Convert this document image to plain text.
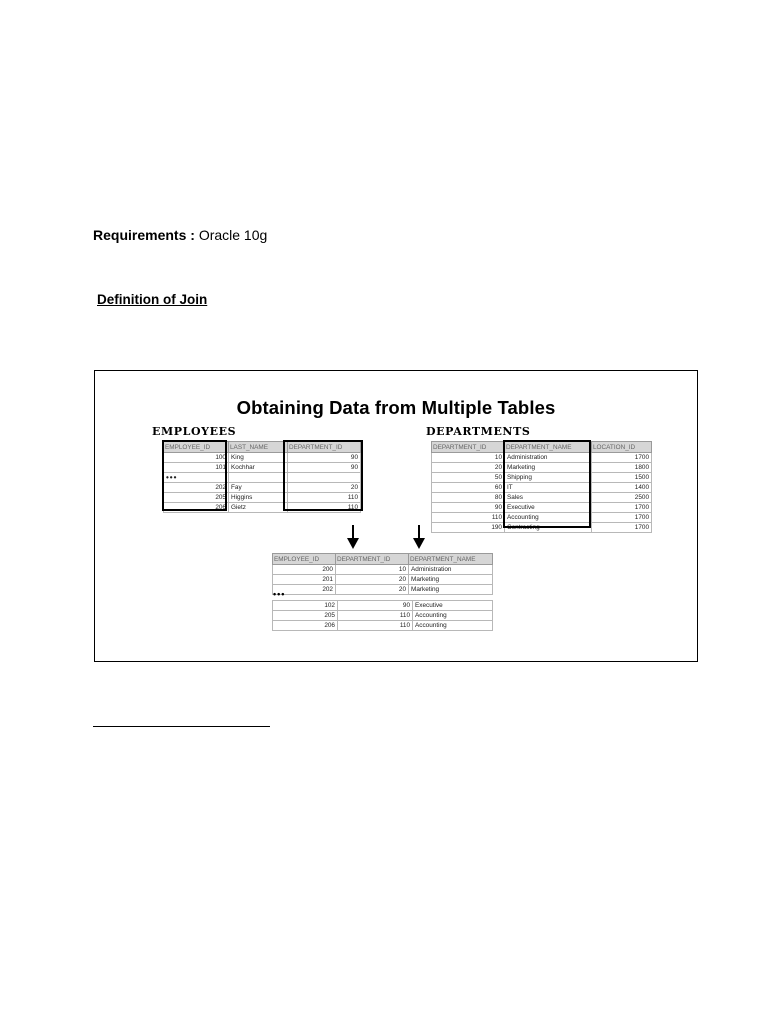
Requirements : Oracle 10g
Definition of Join
Obtaining Data from Multiple Tables
EMPLOYEES
EMPLOYEE_ID	LAST_NAME	DEPARTMENT_ID
100	King	90
101	Kochhar	90
•••		
202	Fay	20
205	Higgins	110
206	Gietz	110
DEPARTMENTS
DEPARTMENT_ID	DEPARTMENT_NAME	LOCATION_ID
10	Administration	1700
20	Marketing	1800
50	Shipping	1500
60	IT	1400
80	Sales	2500
90	Executive	1700
110	Accounting	1700
190	Contracting	1700
EMPLOYEE_ID	DEPARTMENT_ID	DEPARTMENT_NAME
200	10	Administration
201	20	Marketing
202	20	Marketing
•••
102	90	Executive
205	110	Accounting
206	110	Accounting
